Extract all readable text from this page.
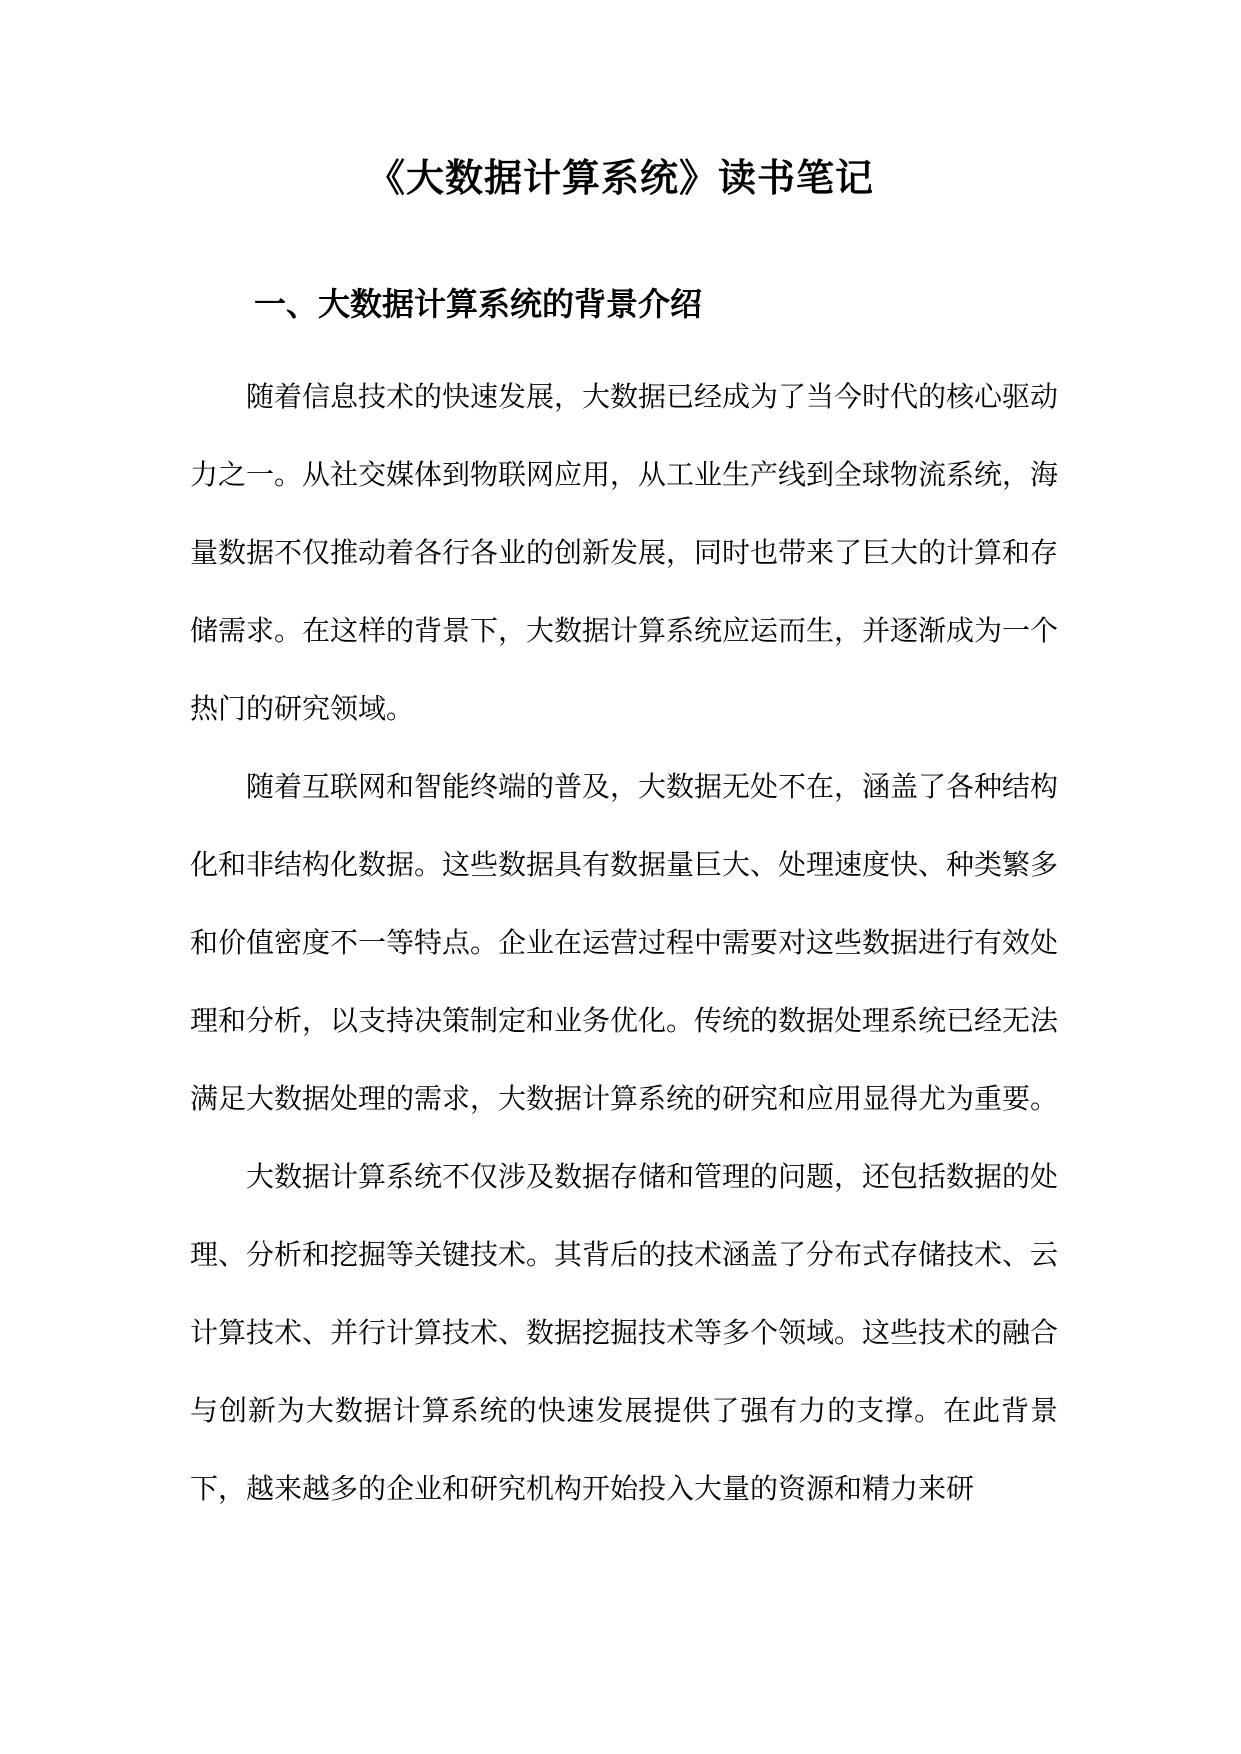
《大数据计算系统》读书笔记
一、大数据计算系统的背景介绍

随着信息技术的快速发展，大数据已经成为了当今时代的核心驱动力之一。从社交媒体到物联网应用，从工业生产线到全球物流系统，海量数据不仅推动着各行各业的创新发展，同时也带来了巨大的计算和存储需求。在这样的背景下，大数据计算系统应运而生，并逐渐成为一个热门的研究领域。

随着互联网和智能终端的普及，大数据无处不在，涵盖了各种结构化和非结构化数据。这些数据具有数据量巨大、处理速度快、种类繁多和价值密度不一等特点。企业在运营过程中需要对这些数据进行有效处理和分析，以支持决策制定和业务优化。传统的数据处理系统已经无法满足大数据处理的需求，大数据计算系统的研究和应用显得尤为重要。

大数据计算系统不仅涉及数据存储和管理的问题，还包括数据的处理、分析和挖掘等关键技术。其背后的技术涵盖了分布式存储技术、云计算技术、并行计算技术、数据挖掘技术等多个领域。这些技术的融合与创新为大数据计算系统的快速发展提供了强有力的支撑。在此背景下，越来越多的企业和研究机构开始投入大量的资源和精力来研
